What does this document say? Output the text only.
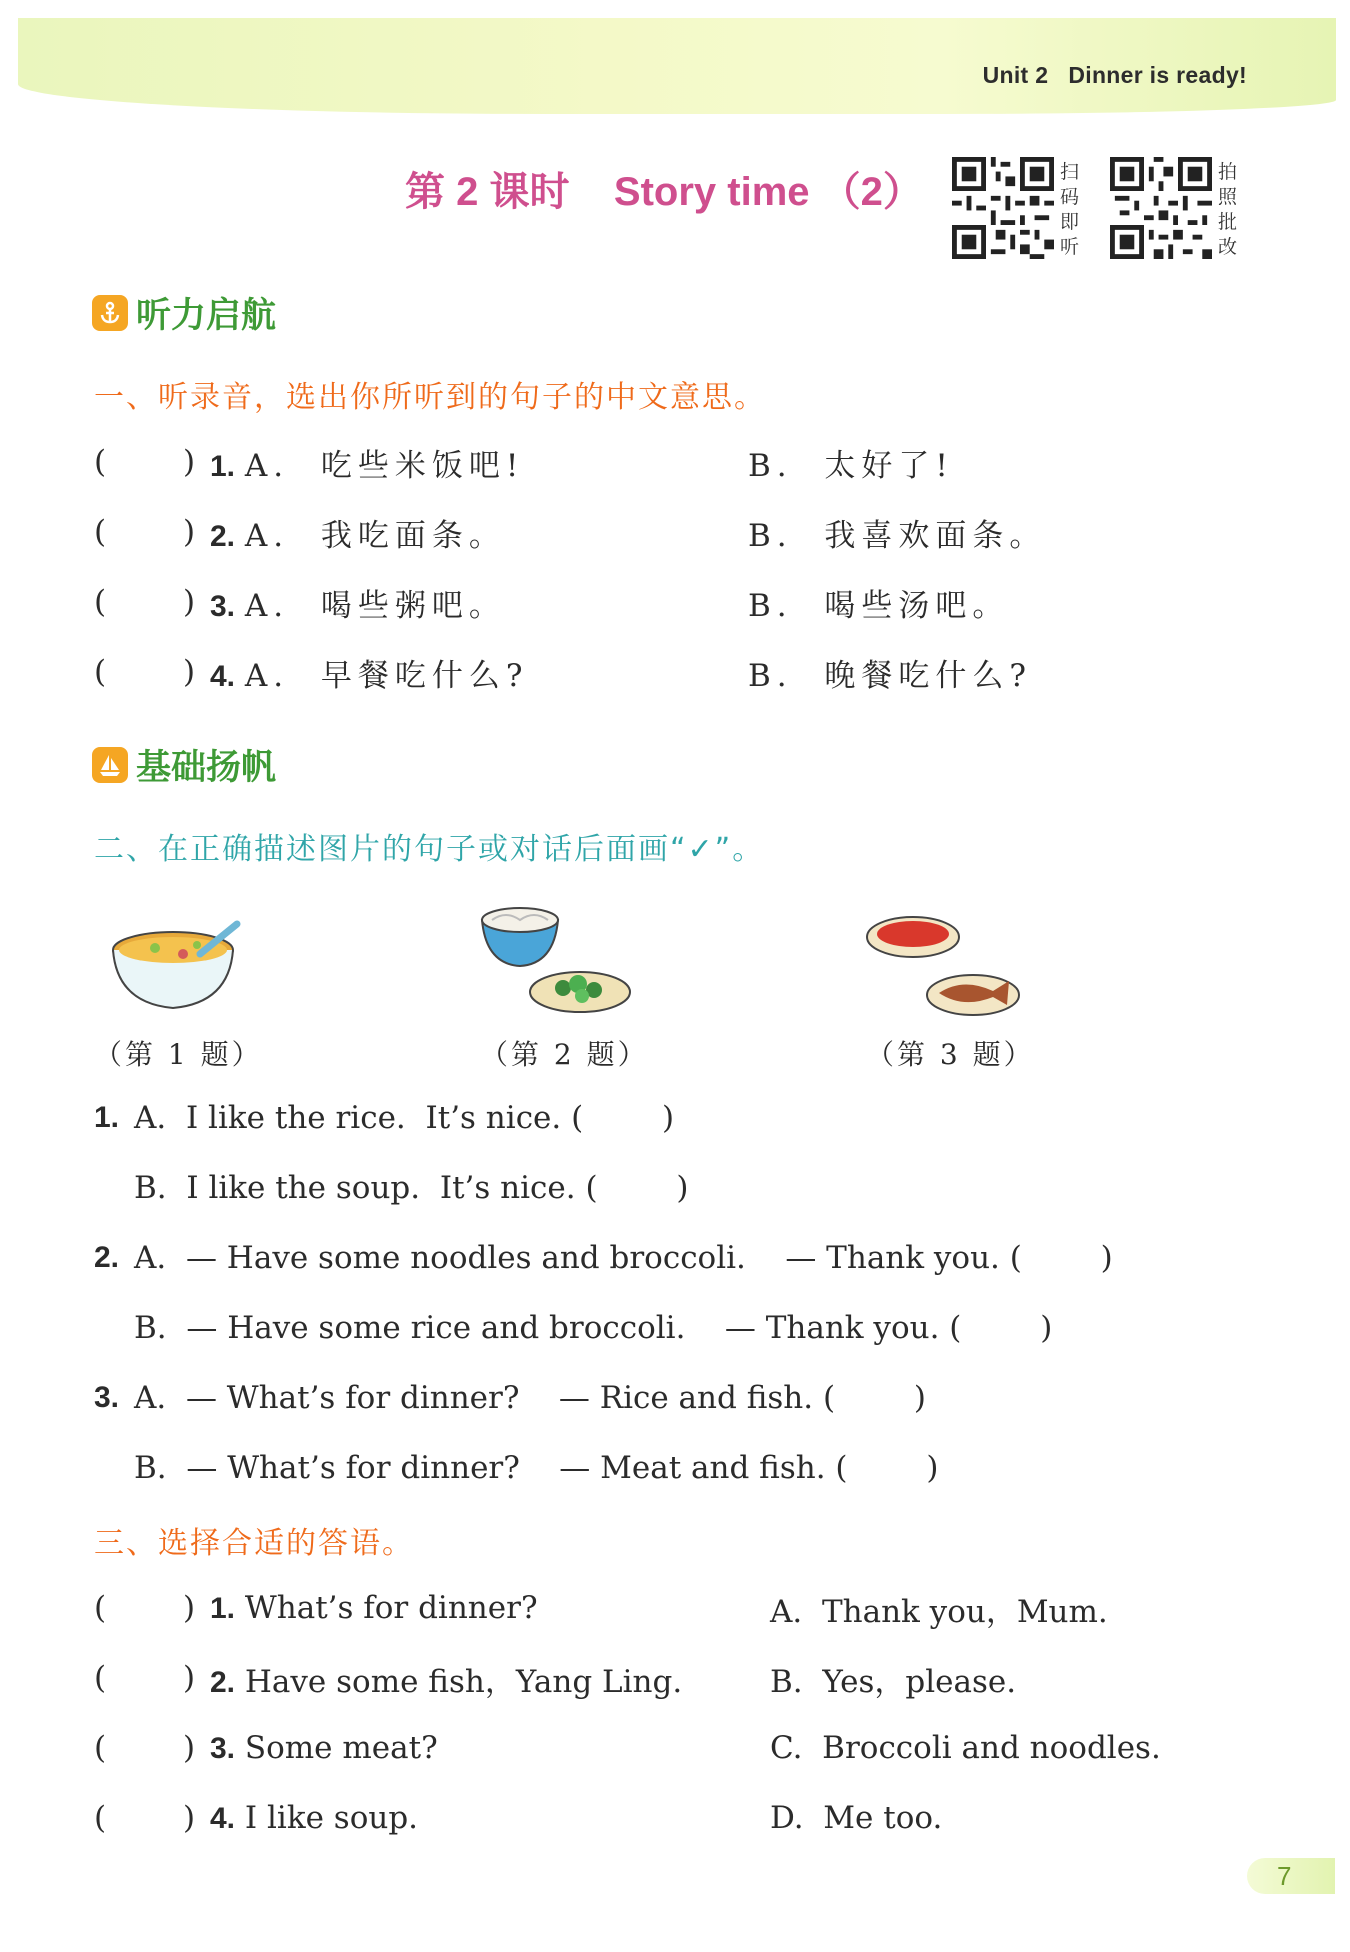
Unit 2   Dinner is ready!
第 2 课时    Story time （2）	扫
码
即
听
拍
照
批
改
听力启航
一、听录音，选出你所听到的句子的中文意思。
( ) 1. A.  吃些米饭吧!	B.  太好了!
( ) 2. A.  我吃面条。	B.  我喜欢面条。
( ) 3. A.  喝些粥吧。	B.  喝些汤吧。
( ) 4. A.  早餐吃什么?	B.  晚餐吃什么?
基础扬帆
二、在正确描述图片的句子或对话后面画“✓”。
（第 1 题）	（第 2 题）	（第 3 题）
1. A.  I like the rice.  It’s nice. (        )
B.  I like the soup.  It’s nice. (        )
2. A.  — Have some noodles and broccoli.    — Thank you. (        )
B.  — Have some rice and broccoli.    — Thank you. (        )
3. A.  — What’s for dinner?    — Rice and fish. (        )
B.  — What’s for dinner?    — Meat and fish. (        )
三、选择合适的答语。
( ) 1. What’s for dinner?	A.  Thank you，Mum.
( ) 2. Have some fish，Yang Ling.	B.  Yes，please.
( ) 3. Some meat?	C.  Broccoli and noodles.
( ) 4. I like soup.	D.  Me too.
7
